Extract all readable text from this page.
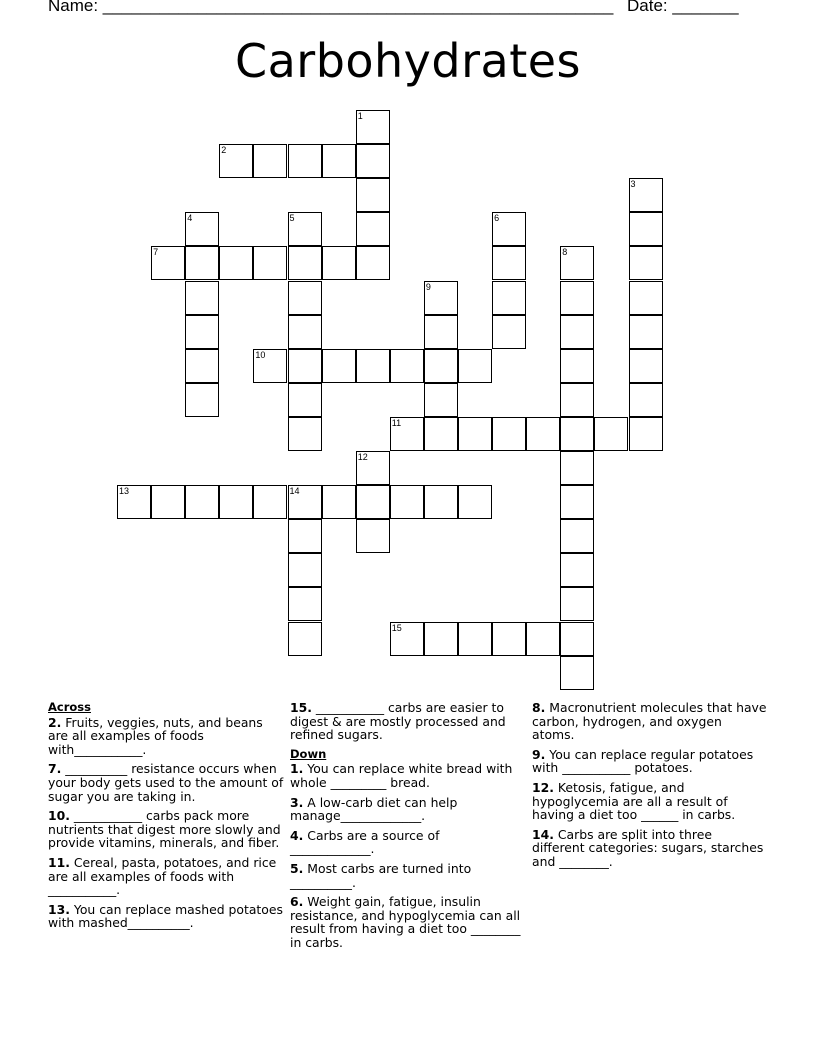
Name: ______________________________________________________ Date: _______
Carbohydrates
1
2
3
4	5	6
7	8
9
10
11
12
13	14
15
Across
2. Fruits, veggies, nuts, and beans are all examples of foods with___________.
7. __________ resistance occurs when your body gets used to the amount of sugar you are taking in.
10. ___________ carbs pack more nutrients that digest more slowly and provide vitamins, minerals, and fiber.
11. Cereal, pasta, potatoes, and rice are all examples of foods with ___________.
13. You can replace mashed potatoes with mashed__________.
15. ___________ carbs are easier to digest & are mostly processed and refined sugars.
Down
1. You can replace white bread with whole _________ bread.
3. A low-carb diet can help manage_____________.
4. Carbs are a source of _____________.
5. Most carbs are turned into __________.
6. Weight gain, fatigue, insulin resistance, and hypoglycemia can all result from having a diet too ________ in carbs.
8. Macronutrient molecules that have carbon, hydrogen, and oxygen atoms.
9. You can replace regular potatoes with ___________ potatoes.
12. Ketosis, fatigue, and hypoglycemia are all a result of having a diet too ______ in carbs.
14. Carbs are split into three different categories: sugars, starches and ________.
